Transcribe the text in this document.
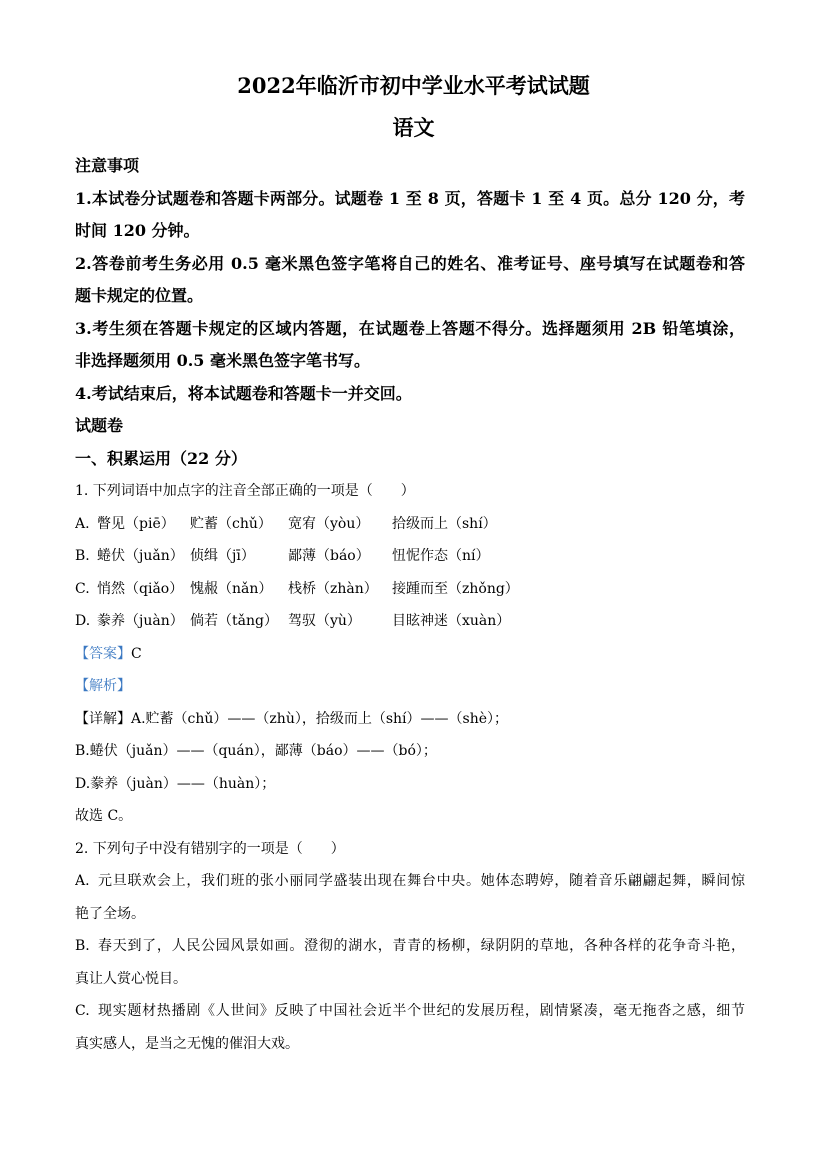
2022年临沂市初中学业水平考试试题
语文
注意事项
1.本试卷分试题卷和答题卡两部分。试题卷 1 至 8 页，答题卡 1 至 4 页。总分 120 分，考
时间 120 分钟。
2.答卷前考生务必用 0.5 毫米黑色签字笔将自己的姓名、准考证号、座号填写在试题卷和答
题卡规定的位置。
3.考生须在答题卡规定的区域内答题，在试题卷上答题不得分。选择题须用 2B 铅笔填涂，
非选择题须用 0.5 毫米黑色签字笔书写。
4.考试结束后，将本试题卷和答题卡一并交回。
试题卷
一、积累运用（22 分）
1. 下列词语中加点字的注音全部正确的一项是（　　）
A. 瞥见（piē）	贮蓄（chǔ）	宽宥（yòu）	拾级而上（shí）
B. 蜷伏（juǎn） 侦缉（jī）	鄙薄（báo）	忸怩作态（ní）
C. 悄然（qiǎo） 愧赧（nǎn）	栈桥（zhàn）	接踵而至（zhǒng）
D. 豢养（juàn） 倘若（tǎng） 驾驭（yù）	目眩神迷（xuàn）
【答案】C
【解析】
【详解】A.贮蓄（chǔ）——（zhù），拾级而上（shí）——（shè）；
B.蜷伏（juǎn）——（quán），鄙薄（báo）——（bó）；
D.豢养（juàn）——（huàn）；
故选 C。
2. 下列句子中没有错别字的一项是（　　）
A. 元旦联欢会上，我们班的张小丽同学盛装出现在舞台中央。她体态聘婷，随着音乐翩翩起舞，瞬间惊
艳了全场。
B. 春天到了，人民公园风景如画。澄彻的湖水，青青的杨柳，绿阴阴的草地，各种各样的花争奇斗艳，
真让人赏心悦目。
C. 现实题材热播剧《人世间》反映了中国社会近半个世纪的发展历程，剧情紧凑，毫无拖沓之感，细节
真实感人，是当之无愧的催泪大戏。
